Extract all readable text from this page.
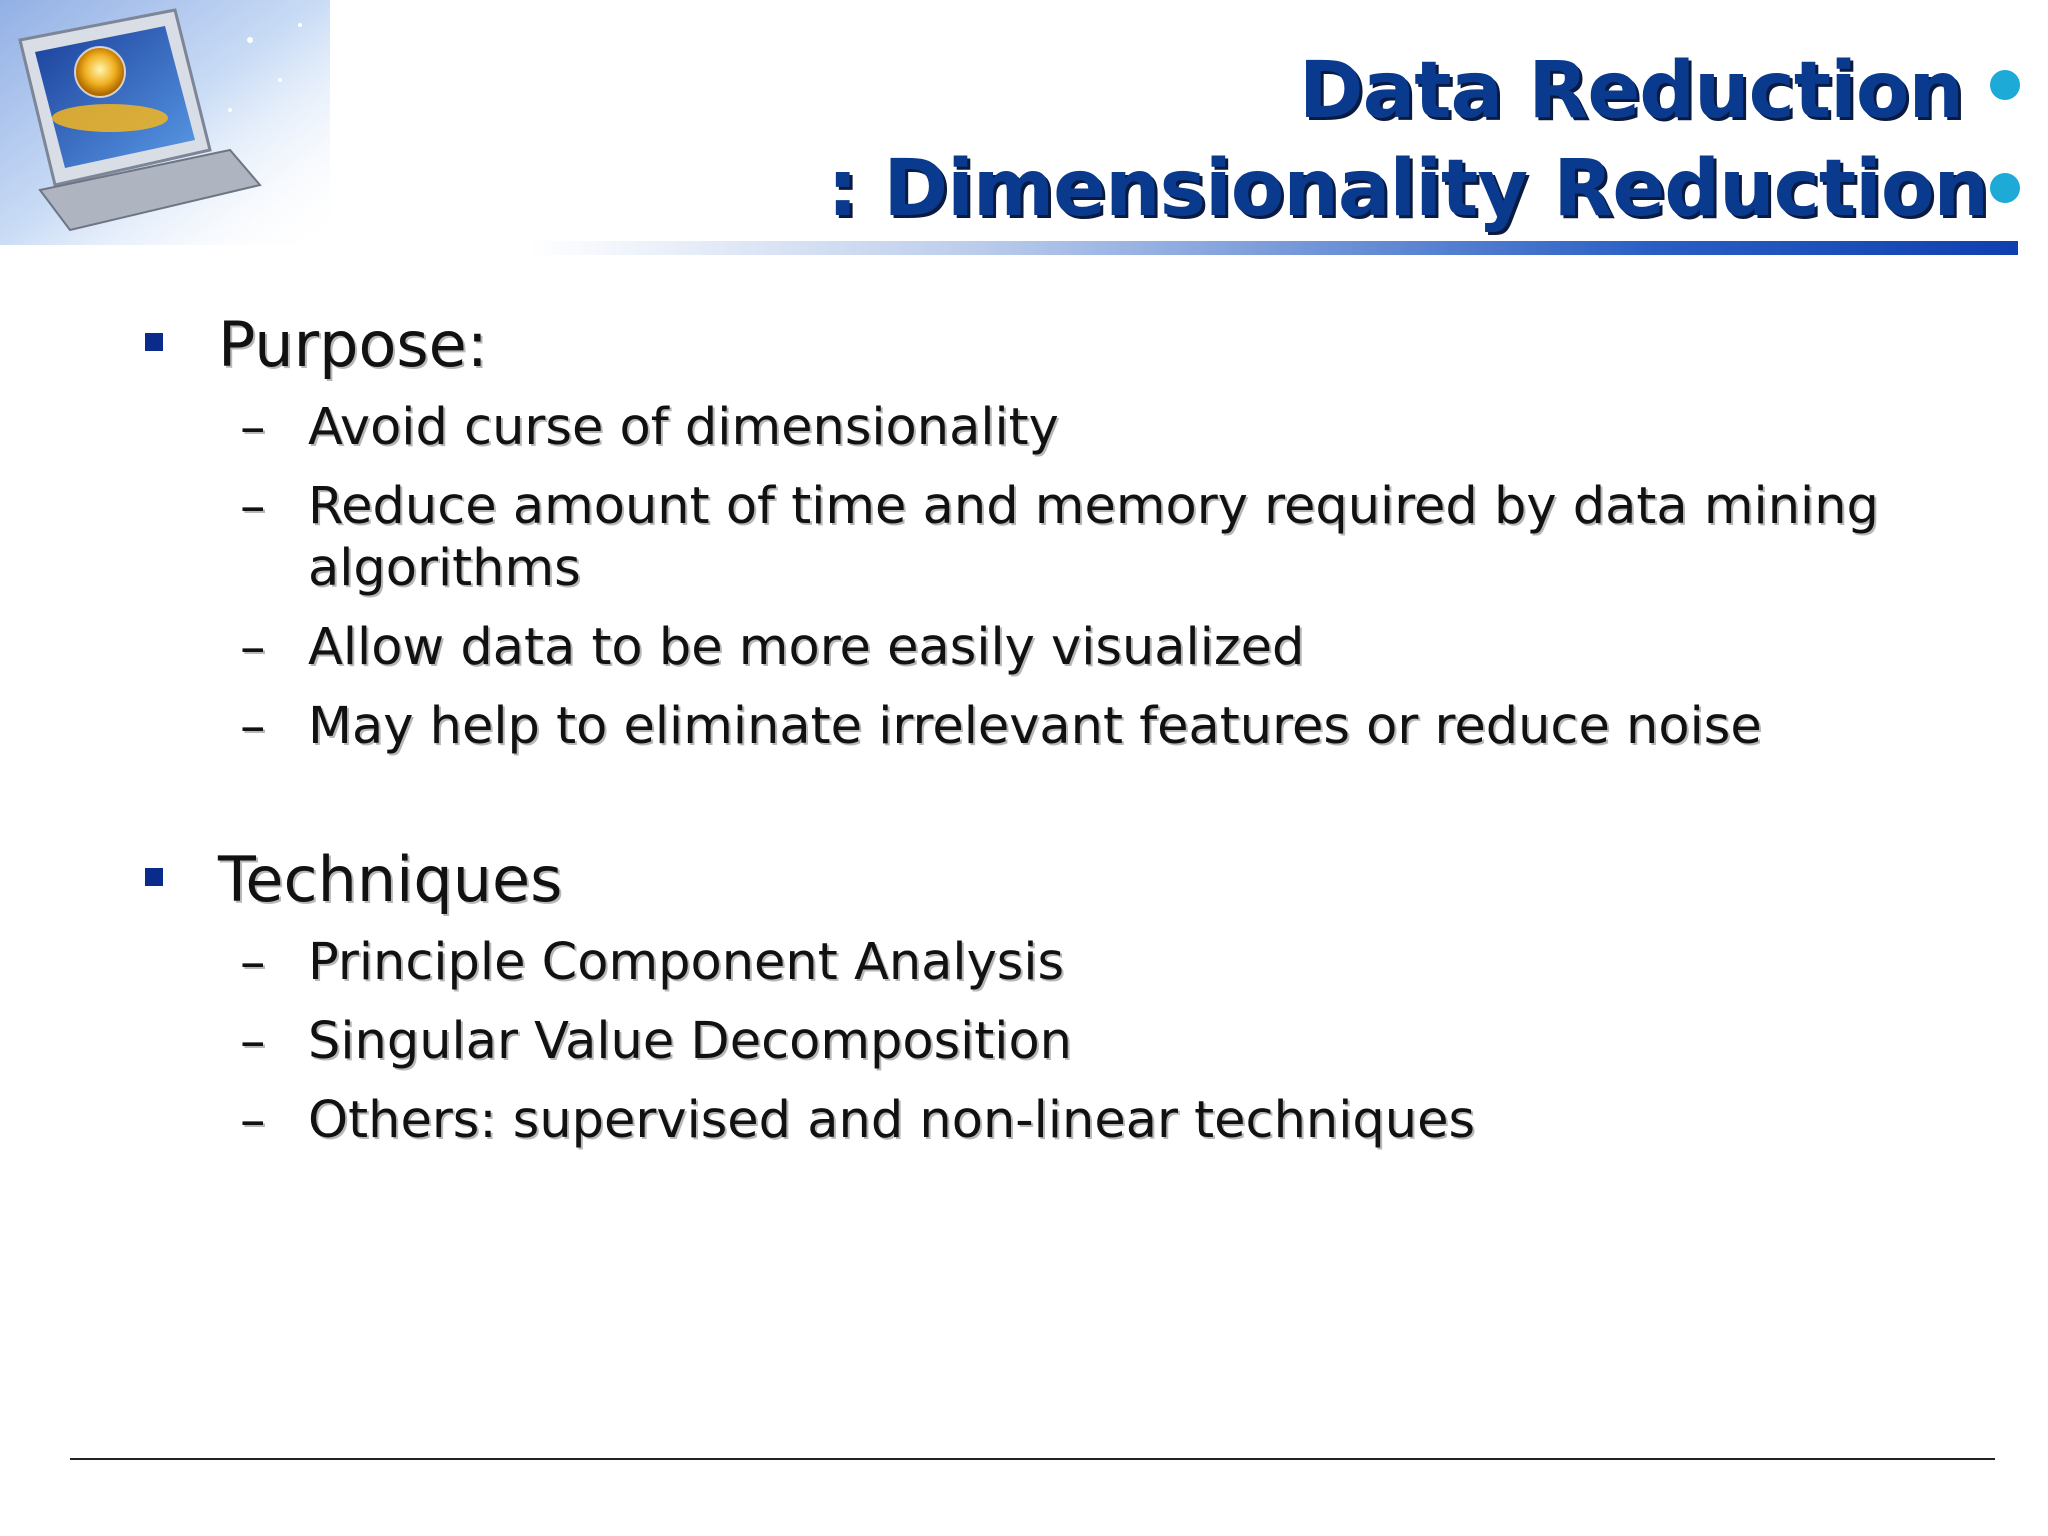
Data Reduction
: Dimensionality Reduction
Purpose:
– Avoid curse of dimensionality
– Reduce amount of time and memory required by data mining algorithms
– Allow data to be more easily visualized
– May help to eliminate irrelevant features or reduce noise
Techniques
– Principle Component Analysis
– Singular Value Decomposition
– Others: supervised and non-linear techniques
